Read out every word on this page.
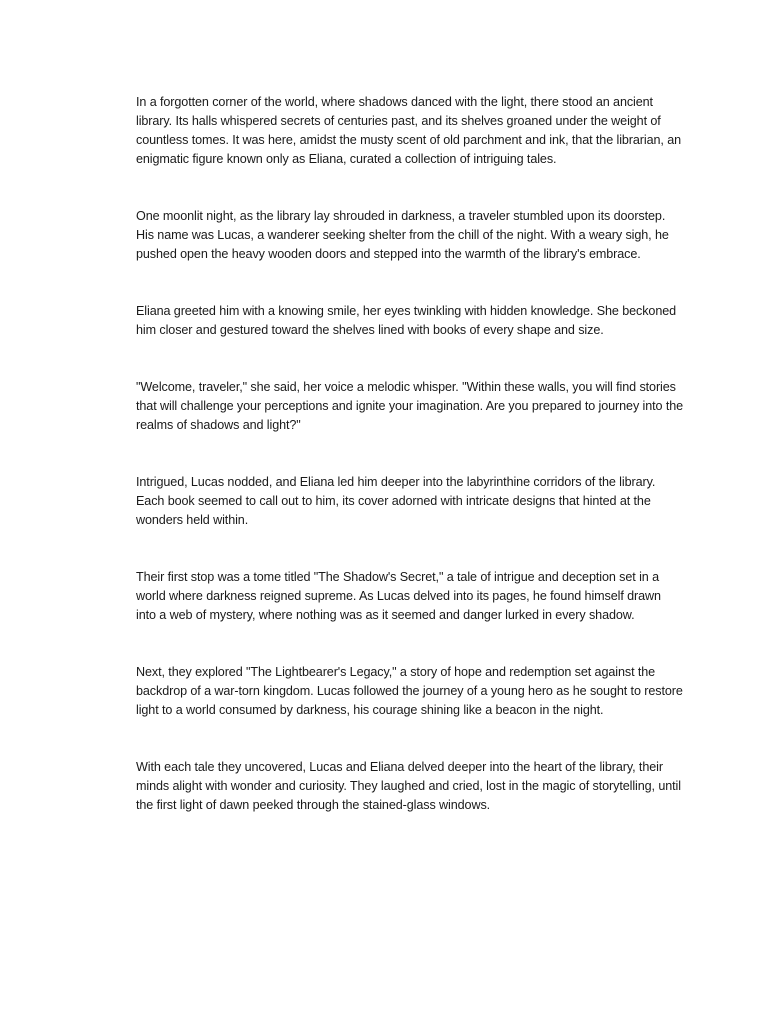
In a forgotten corner of the world, where shadows danced with the light, there stood an ancient library. Its halls whispered secrets of centuries past, and its shelves groaned under the weight of countless tomes. It was here, amidst the musty scent of old parchment and ink, that the librarian, an enigmatic figure known only as Eliana, curated a collection of intriguing tales.

One moonlit night, as the library lay shrouded in darkness, a traveler stumbled upon its doorstep. His name was Lucas, a wanderer seeking shelter from the chill of the night. With a weary sigh, he pushed open the heavy wooden doors and stepped into the warmth of the library's embrace.

Eliana greeted him with a knowing smile, her eyes twinkling with hidden knowledge. She beckoned him closer and gestured toward the shelves lined with books of every shape and size.

"Welcome, traveler," she said, her voice a melodic whisper. "Within these walls, you will find stories that will challenge your perceptions and ignite your imagination. Are you prepared to journey into the realms of shadows and light?"

Intrigued, Lucas nodded, and Eliana led him deeper into the labyrinthine corridors of the library. Each book seemed to call out to him, its cover adorned with intricate designs that hinted at the wonders held within.

Their first stop was a tome titled "The Shadow's Secret," a tale of intrigue and deception set in a world where darkness reigned supreme. As Lucas delved into its pages, he found himself drawn into a web of mystery, where nothing was as it seemed and danger lurked in every shadow.

Next, they explored "The Lightbearer's Legacy," a story of hope and redemption set against the backdrop of a war-torn kingdom. Lucas followed the journey of a young hero as he sought to restore light to a world consumed by darkness, his courage shining like a beacon in the night.

With each tale they uncovered, Lucas and Eliana delved deeper into the heart of the library, their minds alight with wonder and curiosity. They laughed and cried, lost in the magic of storytelling, until the first light of dawn peeked through the stained-glass windows.
